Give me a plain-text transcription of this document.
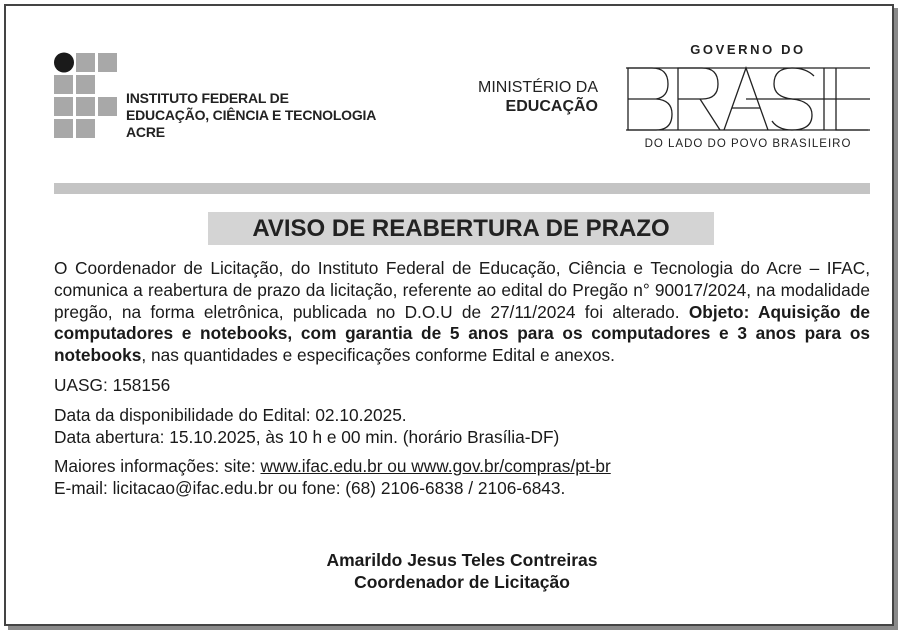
INSTITUTO FEDERAL DE
EDUCAÇÃO, CIÊNCIA E TECNOLOGIA
ACRE
MINISTÉRIO DA
EDUCAÇÃO
GOVERNO DO
DO LADO DO POVO BRASILEIRO
AVISO DE REABERTURA DE PRAZO
O Coordenador de Licitação, do Instituto Federal de Educação, Ciência e Tecnologia do Acre – IFAC, comunica a reabertura de prazo da licitação, referente ao edital do Pregão n° 90017/2024, na modalidade pregão, na forma eletrônica, publicada no D.O.U de 27/11/2024 foi alterado. Objeto: Aquisição de computadores e notebooks, com garantia de 5 anos para os computadores e 3 anos para os notebooks, nas quantidades e especificações conforme Edital e anexos.
UASG: 158156
Data da disponibilidade do Edital: 02.10.2025.
Data abertura: 15.10.2025, às 10 h e 00 min. (horário Brasília-DF)
Maiores informações: site: www.ifac.edu.br ou www.gov.br/compras/pt-br
E-mail: licitacao@ifac.edu.br ou fone: (68) 2106-6838 / 2106-6843.
Amarildo Jesus Teles Contreiras
Coordenador de Licitação
